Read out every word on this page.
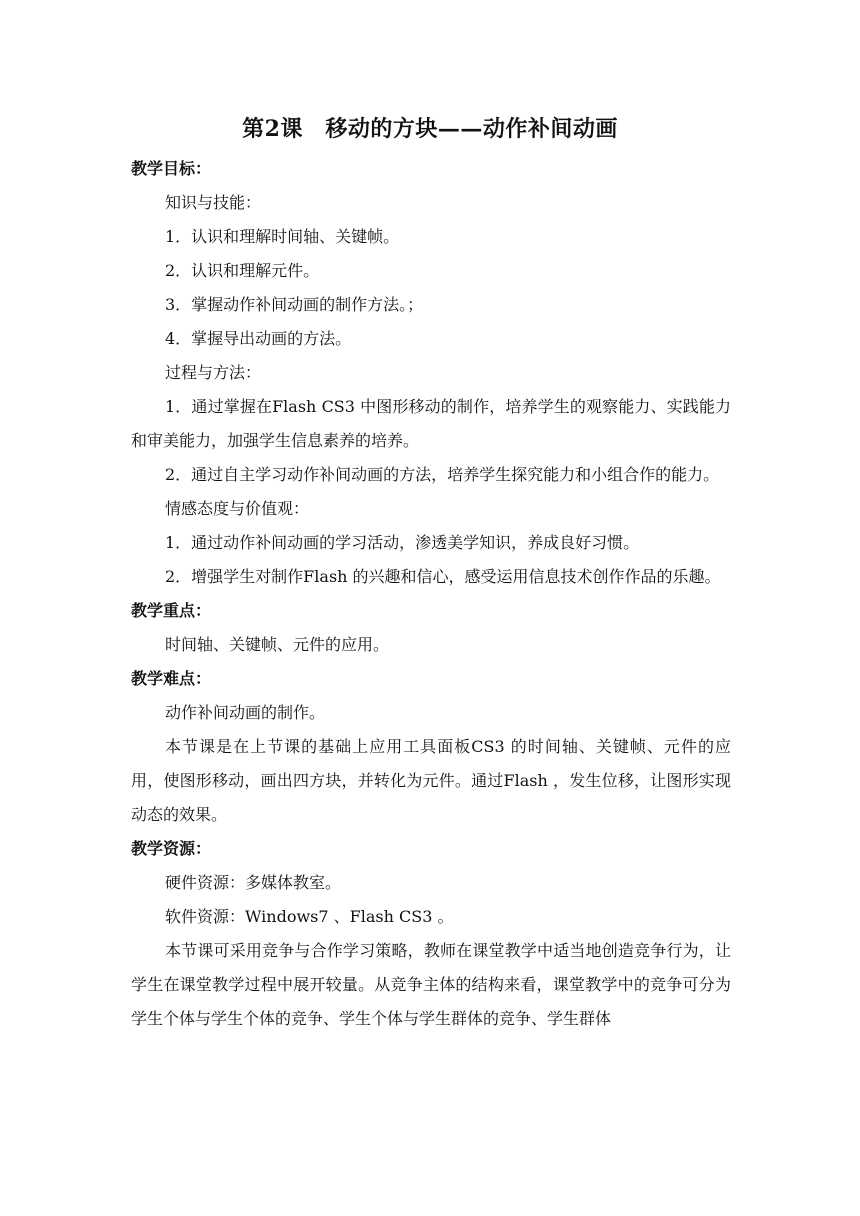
第2课　移动的方块——动作补间动画

教学目标：

知识与技能：

1．认识和理解时间轴、关键帧。

2．认识和理解元件。

3．掌握动作补间动画的制作方法。；

4．掌握导出动画的方法。

过程与方法：

1．通过掌握在Flash CS3 中图形移动的制作，培养学生的观察能力、实践能力和审美能力，加强学生信息素养的培养。

2．通过自主学习动作补间动画的方法，培养学生探究能力和小组合作的能力。

情感态度与价值观：

1．通过动作补间动画的学习活动，渗透美学知识，养成良好习惯。

2．增强学生对制作Flash 的兴趣和信心，感受运用信息技术创作作品的乐趣。

教学重点：

时间轴、关键帧、元件的应用。

教学难点：

动作补间动画的制作。

本节课是在上节课的基础上应用工具面板CS3 的时间轴、关键帧、元件的应用，使图形移动，画出四方块，并转化为元件。通过Flash ，发生位移，让图形实现动态的效果。

教学资源：

硬件资源：多媒体教室。

软件资源：Windows7 、Flash CS3 。

本节课可采用竞争与合作学习策略，教师在课堂教学中适当地创造竞争行为，让学生在课堂教学过程中展开较量。从竞争主体的结构来看，课堂教学中的竞争可分为学生个体与学生个体的竞争、学生个体与学生群体的竞争、学生群体
